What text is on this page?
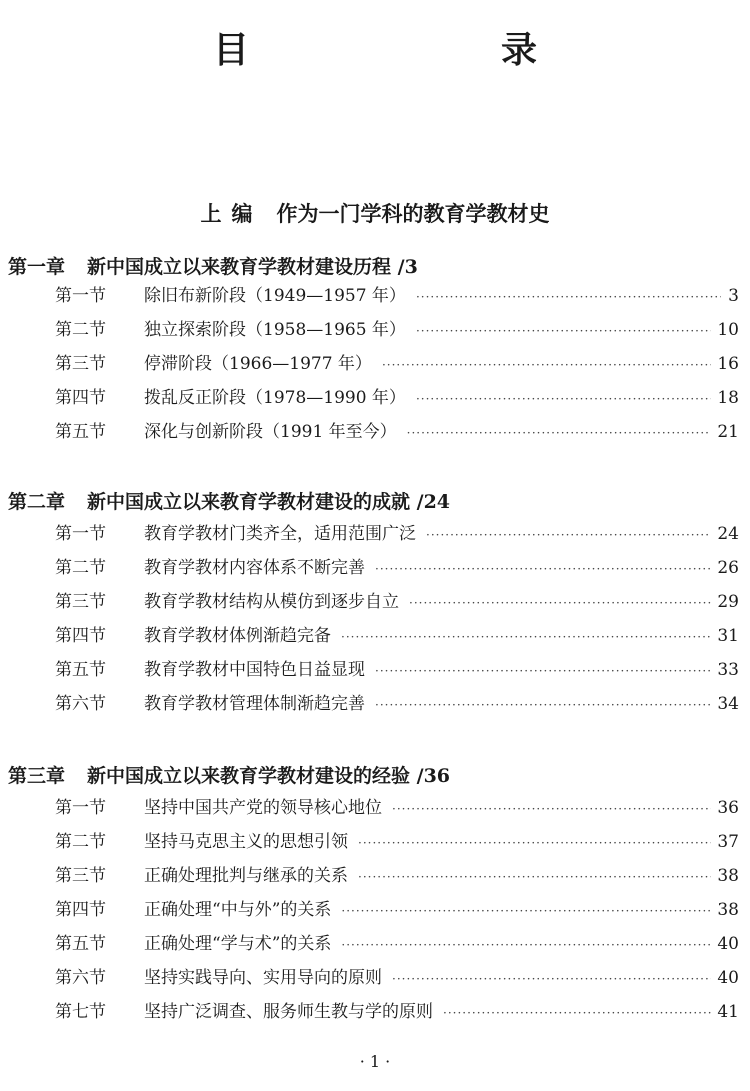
目　　录
上 编 作为一门学科的教育学教材史
第一章 新中国成立以来教育学教材建设历程 /3
第一节	除旧布新阶段（1949—1957 年） ·····	3
第二节	独立探索阶段（1958—1965 年） ·····	10
第三节	停滞阶段（1966—1977 年） ·····	16
第四节	拨乱反正阶段（1978—1990 年） ·····	18
第五节	深化与创新阶段（1991 年至今） ·····	21
第二章 新中国成立以来教育学教材建设的成就 /24
第一节	教育学教材门类齐全，适用范围广泛 ·····	24
第二节	教育学教材内容体系不断完善 ·····	26
第三节	教育学教材结构从模仿到逐步自立 ·····	29
第四节	教育学教材体例渐趋完备 ·····	31
第五节	教育学教材中国特色日益显现 ·····	33
第六节	教育学教材管理体制渐趋完善 ·····	34
第三章 新中国成立以来教育学教材建设的经验 /36
第一节	坚持中国共产党的领导核心地位 ·····	36
第二节	坚持马克思主义的思想引领 ·····	37
第三节	正确处理批判与继承的关系 ·····	38
第四节	正确处理“中与外”的关系 ·····	38
第五节	正确处理“学与术”的关系 ·····	40
第六节	坚持实践导向、实用导向的原则 ·····	40
第七节	坚持广泛调查、服务师生教与学的原则 ·····	41
· 1 ·
